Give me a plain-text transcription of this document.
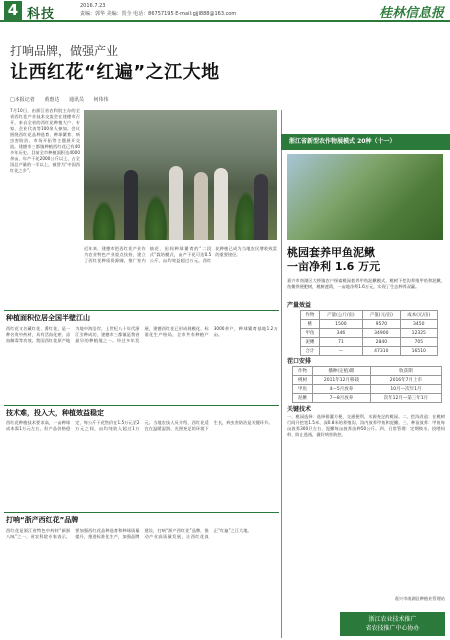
4 科技
2016.7.23
责编：郭华 美编：贺全 电话：86757195 E-mail:gjjl888@163.com	桂林信息报
打响品牌，做强产业
让西红花“红遍”之江大地
□本报记者 黄惠达 通讯员 何伟伟
7月10日，由浙江省农科院主办的全省西红花产业技术交流会在建德市召开，来自全省的西红花种植大户、专家、企业代表等100余人参加。会议围绕西红花品种选育、种球繁育、病虫害防治、市场开拓等主题展开交流。建德市三都镇种植西红花已有40多年历史，目前全市种植面积达4000余亩，年产干花2000公斤以上，占全国总产量的一半以上，被誉为“中国西红花之乡”。
近年来，建德市把西红花产业作为农业特色产业重点扶持，建立了西红花种质资源圃，推广室内抽花、田间种球繁育的“二段式”栽培模式，亩产干花可达0.5公斤，亩均效益超过万元。西红花种植已成为当地农民增收致富的重要途径。
种植面积位居全国半壁江山
西红花又名藏红花、番红花，是一种名贵中药材，具有活血化瘀、凉血解毒等功效。我国西红花原产地为地中海沿岸，上世纪八十年代浙江引种成功，建德市三都镇是我省最早的种植地之一。经过多年发展，建德西红花已形成规模化、标准化生产格局，全市共有种植户3000余户，种球繁育基地1.2万亩。
技术难，投入大，种植效益稳定
西红花种植技术要求高，一亩种球成本需1万元左右，但产品价格稳定，每公斤干花售价在1.5万元至2万元之间，亩均纯收入超过1万元。当地农技人员介绍，西红花适宜在温暖湿润、光照充足的环境下生长，病虫害防治是关键环节。
打响“浙产西红花”品牌
西红花是浙江省特色中药材“新浙八味”之一。省农科院专家表示，要加强西红花品种选育和种球质量提升，推进标准化生产，加强品牌建设，打响“浙产西红花”品牌，推动产业高质量发展，让西红花真正“红遍”之江大地。
浙江省新型农作物展模式 20种（十一）
桃园套养甲鱼泥鳅
一亩净利 1.6 万元
嘉兴市南湖区大桥镇农户探索桃园套养甲鱼泥鳅模式，桃树下挖沟养殖甲鱼和泥鳅，鱼鳖粪便肥树，桃树遮荫，一亩地净利1.6万元，实现了生态种养双赢。
产量效益
作物	产量(公斤/亩)	产值(元/亩)	成本(元/亩)
桃	1500	9570	3450
甲鱼	346	34900	12325
泥鳅	71	2840	705
合计	—	47310	16510
茬口安排
作物	播种(定植)期	收获期
桃树	2011年12月移栽	2016年7月上市
甲鱼	4—5月放养	10月—次年1月
泥鳅	7—8月放养	次年12月—第三年1月
关键技术
一、桃园选择：选择排灌方便、交通便利、水源充足的桃园。二、挖沟改造：在桃树行间开挖宽1.5米、深0.8米的养殖沟，沟内放养甲鱼和泥鳅。三、种苗放养：甲鱼每亩放养300只左右，泥鳅每亩放养苗种50公斤。四、日常管理：定期换水、投喂饲料、防止逃逸，做好病害防控。
嘉兴市南湖区种植业管理站
浙江农业技术推广
省农技推广中心协办
